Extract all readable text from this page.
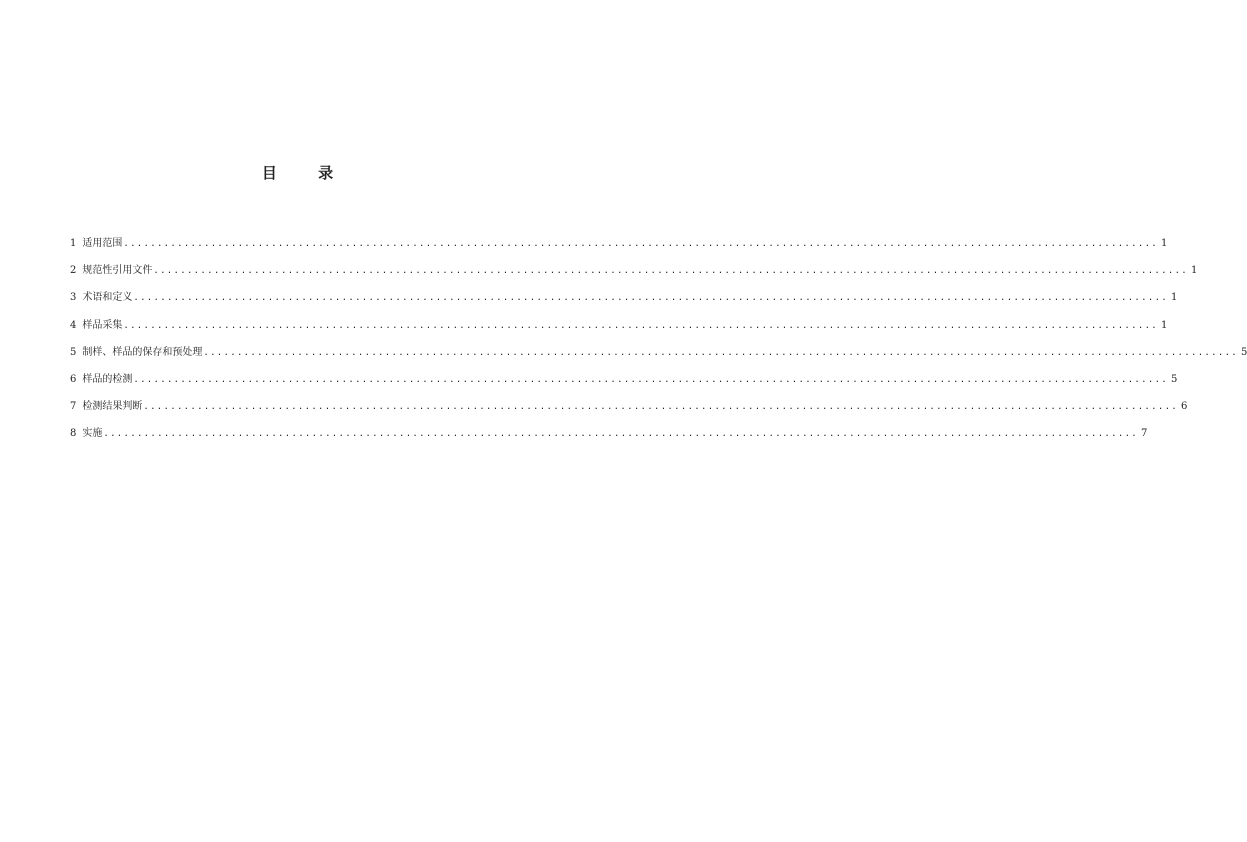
目 录
1 适用范围 .......................................................................................................................................................... 1
2 规范性引用文件 .......................................................................................................................................................... 1
3 术语和定义 .......................................................................................................................................................... 1
4 样品采集 .......................................................................................................................................................... 1
5 制样、样品的保存和预处理 .......................................................................................................................................................... 5
6 样品的检测 .......................................................................................................................................................... 5
7 检测结果判断 .......................................................................................................................................................... 6
8 实施 .......................................................................................................................................................... 7
